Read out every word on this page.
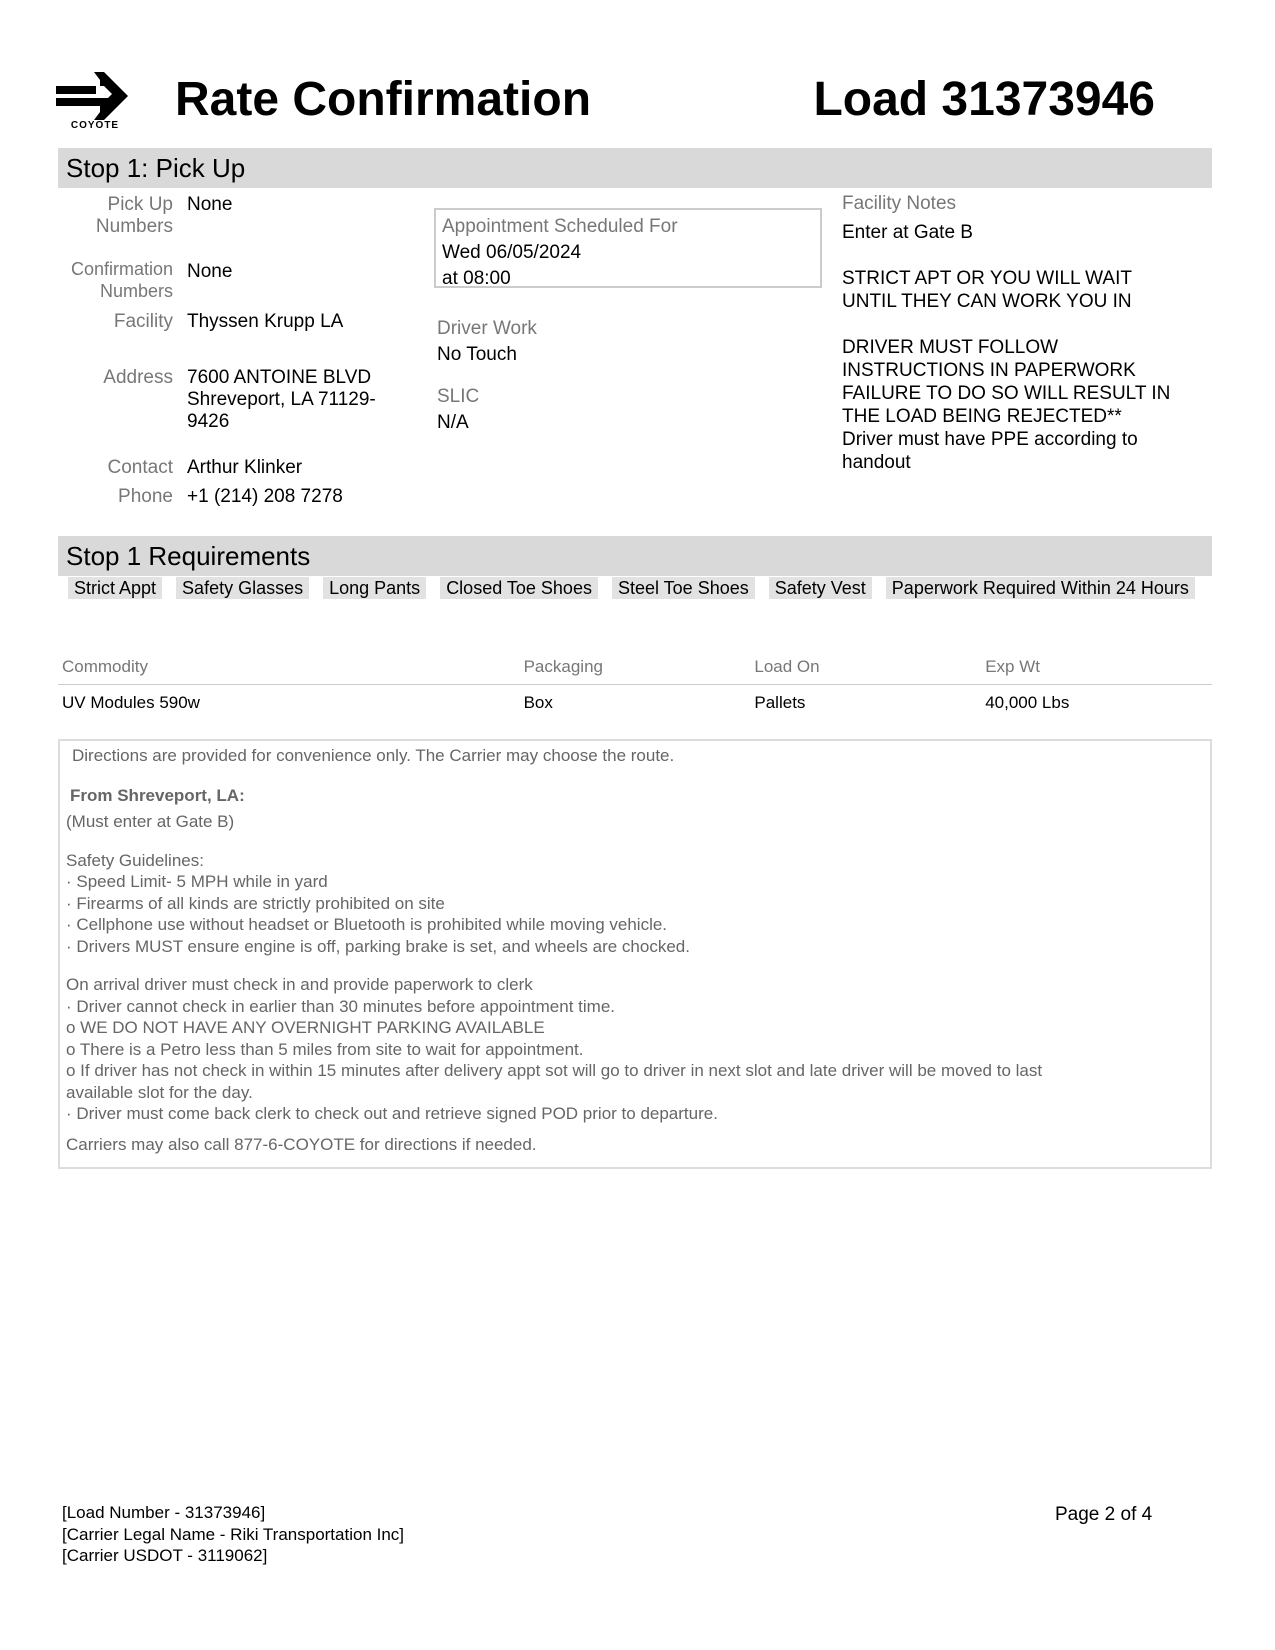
COYOTE	Rate Confirmation	Load 31373946
Stop 1: Pick Up
Pick Up Numbers
None
Confirmation Numbers
None
Facility Thyssen Krupp LA
Address 7600 ANTOINE BLVD
Shreveport, LA 71129-
9426
Contact Arthur Klinker
Phone +1 (214) 208 7278
Appointment Scheduled For
Wed 06/05/2024
at 08:00
Driver Work
No Touch
SLIC
N/A
Facility Notes
Enter at Gate B
STRICT APT OR YOU WILL WAIT
UNTIL THEY CAN WORK YOU IN
DRIVER MUST FOLLOW
INSTRUCTIONS IN PAPERWORK
FAILURE TO DO SO WILL RESULT IN
THE LOAD BEING REJECTED**
Driver must have PPE according to
handout
Stop 1 Requirements
Strict Appt	Safety Glasses	Long Pants	Closed Toe Shoes	Steel Toe Shoes	Safety Vest	Paperwork Required Within 24 Hours
Commodity	Packaging	Load On	Exp Wt
UV Modules 590w	Box	Pallets	40,000 Lbs
Directions are provided for convenience only. The Carrier may choose the route.
From Shreveport, LA:
(Must enter at Gate B)
Safety Guidelines:
· Speed Limit- 5 MPH while in yard
· Firearms of all kinds are strictly prohibited on site
· Cellphone use without headset or Bluetooth is prohibited while moving vehicle.
· Drivers MUST ensure engine is off, parking brake is set, and wheels are chocked.
On arrival driver must check in and provide paperwork to clerk
· Driver cannot check in earlier than 30 minutes before appointment time.
o WE DO NOT HAVE ANY OVERNIGHT PARKING AVAILABLE
o There is a Petro less than 5 miles from site to wait for appointment.
o If driver has not check in within 15 minutes after delivery appt sot will go to driver in next slot and late driver will be moved to last
available slot for the day.
· Driver must come back clerk to check out and retrieve signed POD prior to departure.
Carriers may also call 877-6-COYOTE for directions if needed.
[Load Number - 31373946]
[Carrier Legal Name - Riki Transportation Inc]
[Carrier USDOT - 3119062]
Page 2 of 4
